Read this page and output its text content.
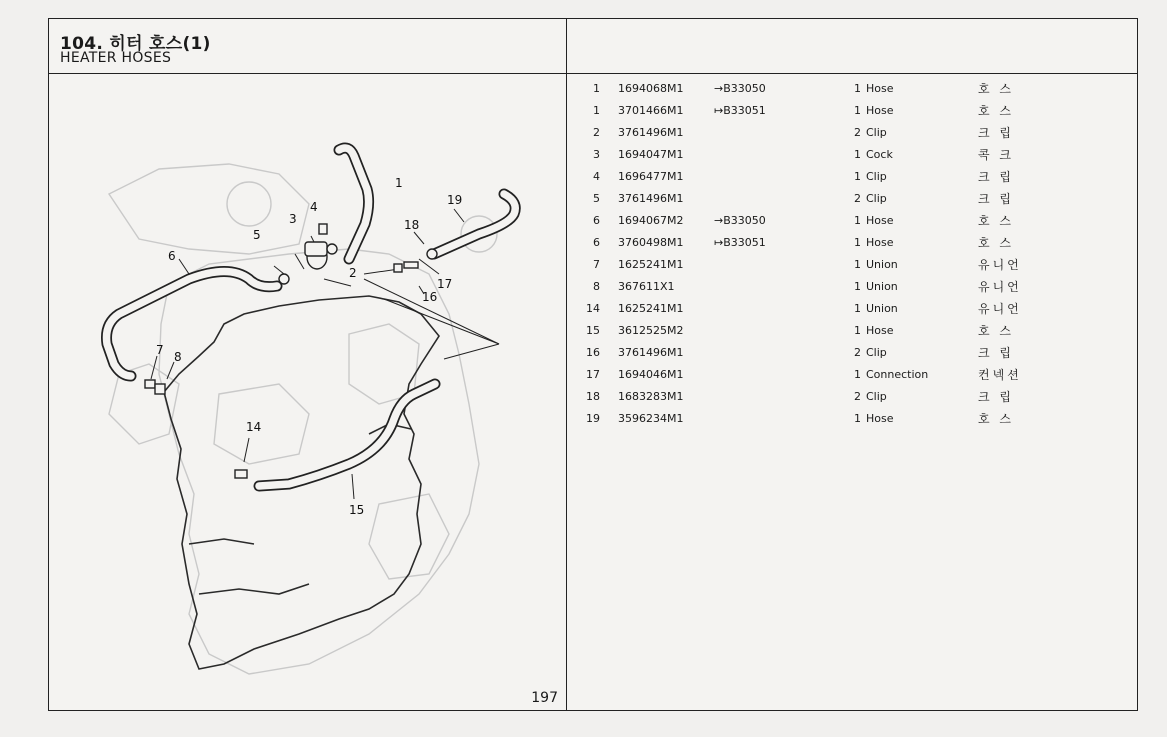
104. 히터 호스(1)
HEATER HOSES
1
2
3
4
5
6
7 8
14
15
16
17
18
19
197
1 1694068M1	→B33050	1 Hose	호 스
1 3701466M1	↦B33051	1 Hose	호 스
2 3761496M1	2 Clip	크 립
3 1694047M1	1 Cock	콕 크
4 1696477M1	1 Clip	크 립
5 3761496M1	2 Clip	크 립
6 1694067M2	→B33050	1 Hose	호 스
6 3760498M1	↦B33051	1 Hose	호 스
7 1625241M1	1 Union	유니언
8 367611X1	1 Union	유니언
14 1625241M1	1 Union	유니언
15 3612525M2	1 Hose	호 스
16 3761496M1	2 Clip	크 립
17 1694046M1	1 Connection	컨넥션
18 1683283M1	2 Clip	크 립
19 3596234M1	1 Hose	호 스
